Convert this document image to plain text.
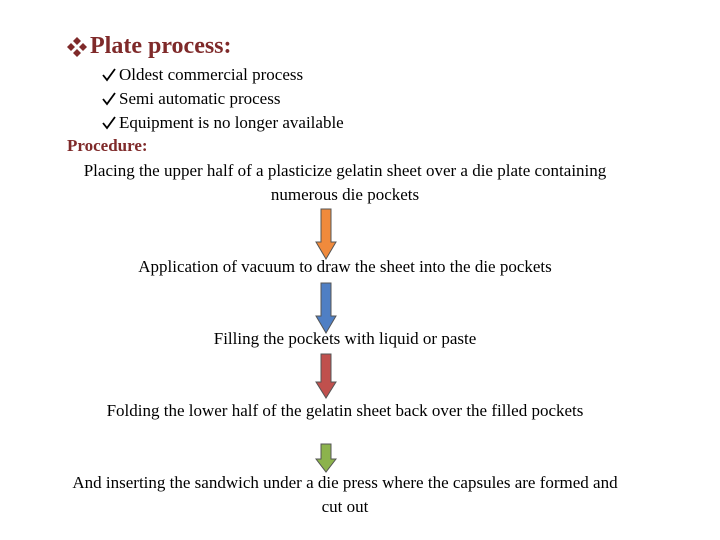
Plate process:
Oldest commercial process
Semi automatic process
Equipment is no longer available
Procedure:
Placing the upper half of a plasticize gelatin sheet over a die plate containing numerous die pockets
Application of vacuum to draw the sheet into the die pockets
Filling the pockets with liquid or paste
Folding the lower half of the gelatin sheet back over the filled pockets
And inserting the sandwich under a die press where the capsules are formed and cut out
